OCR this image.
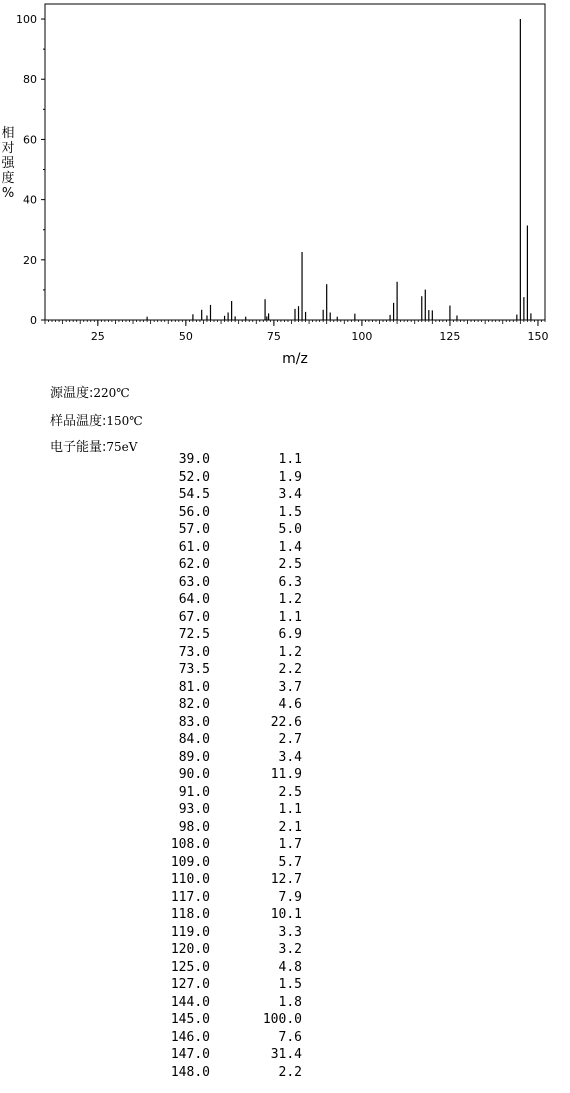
0
20
40
60
80
100
25	50	75	100	125	150
m/z
相
对
强
度
%
源温度:220℃
样品温度:150℃
电子能量:75eV
39.0	1.1
52.0	1.9
54.5	3.4
56.0	1.5
57.0	5.0
61.0	1.4
62.0	2.5
63.0	6.3
64.0	1.2
67.0	1.1
72.5	6.9
73.0	1.2
73.5	2.2
81.0	3.7
82.0	4.6
83.0	22.6
84.0	2.7
89.0	3.4
90.0	11.9
91.0	2.5
93.0	1.1
98.0	2.1
108.0	1.7
109.0	5.7
110.0	12.7
117.0	7.9
118.0	10.1
119.0	3.3
120.0	3.2
125.0	4.8
127.0	1.5
144.0	1.8
145.0	100.0
146.0	7.6
147.0	31.4
148.0	2.2
